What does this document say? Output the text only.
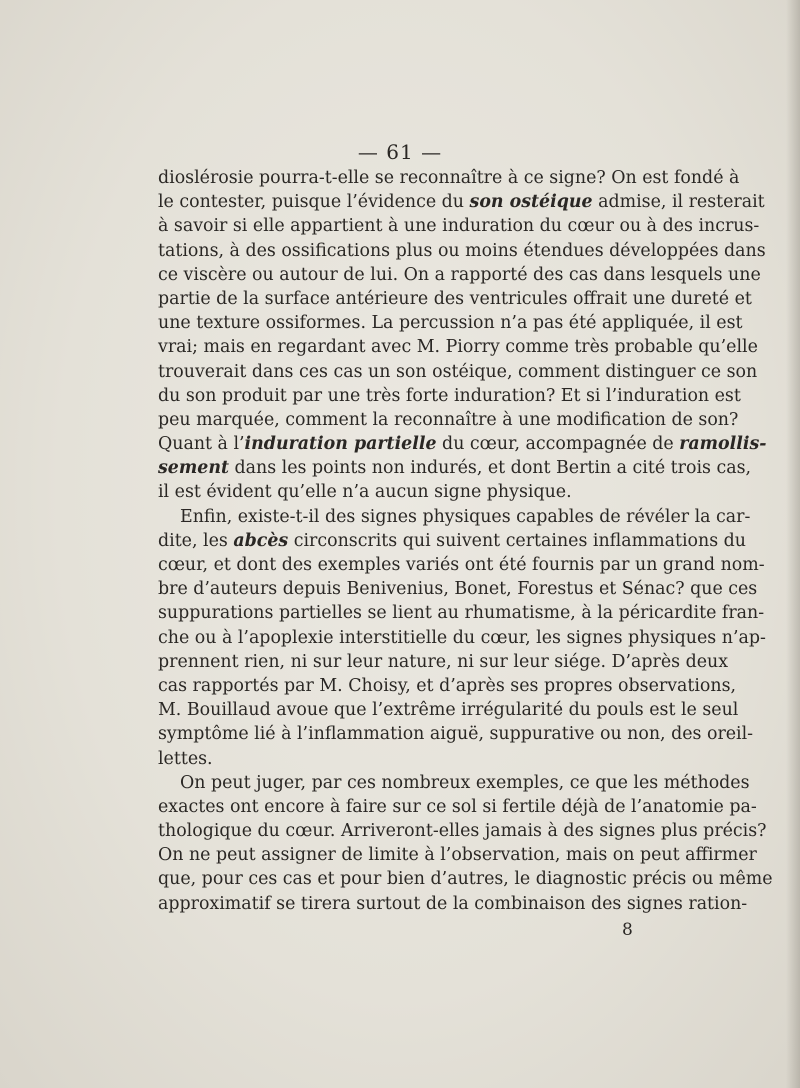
— 61 —
dioslérosie pourra-t-elle se reconnaître à ce signe? On est fondé à
le contester, puisque l’évidence du son ostéique admise, il resterait
à savoir si elle appartient à une induration du cœur ou à des incrus-
tations, à des ossifications plus ou moins étendues développées dans
ce viscère ou autour de lui. On a rapporté des cas dans lesquels une
partie de la surface antérieure des ventricules offrait une dureté et
une texture ossiformes. La percussion n’a pas été appliquée, il est
vrai; mais en regardant avec M. Piorry comme très probable qu’elle
trouverait dans ces cas un son ostéique, comment distinguer ce son
du son produit par une très forte induration? Et si l’induration est
peu marquée, comment la reconnaître à une modification de son?
Quant à l’induration partielle du cœur, accompagnée de ramollis-
sement dans les points non indurés, et dont Bertin a cité trois cas,
il est évident qu’elle n’a aucun signe physique.
Enfin, existe-t-il des signes physiques capables de révéler la car-
dite, les abcès circonscrits qui suivent certaines inflammations du
cœur, et dont des exemples variés ont été fournis par un grand nom-
bre d’auteurs depuis Benivenius, Bonet, Forestus et Sénac? que ces
suppurations partielles se lient au rhumatisme, à la péricardite fran-
che ou à l’apoplexie interstitielle du cœur, les signes physiques n’ap-
prennent rien, ni sur leur nature, ni sur leur siége. D’après deux
cas rapportés par M. Choisy, et d’après ses propres observations,
M. Bouillaud avoue que l’extrême irrégularité du pouls est le seul
symptôme lié à l’inflammation aiguë, suppurative ou non, des oreil-
lettes.
On peut juger, par ces nombreux exemples, ce que les méthodes
exactes ont encore à faire sur ce sol si fertile déjà de l’anatomie pa-
thologique du cœur. Arriveront-elles jamais à des signes plus précis?
On ne peut assigner de limite à l’observation, mais on peut affirmer
que, pour ces cas et pour bien d’autres, le diagnostic précis ou même
approximatif se tirera surtout de la combinaison des signes ration-
8
